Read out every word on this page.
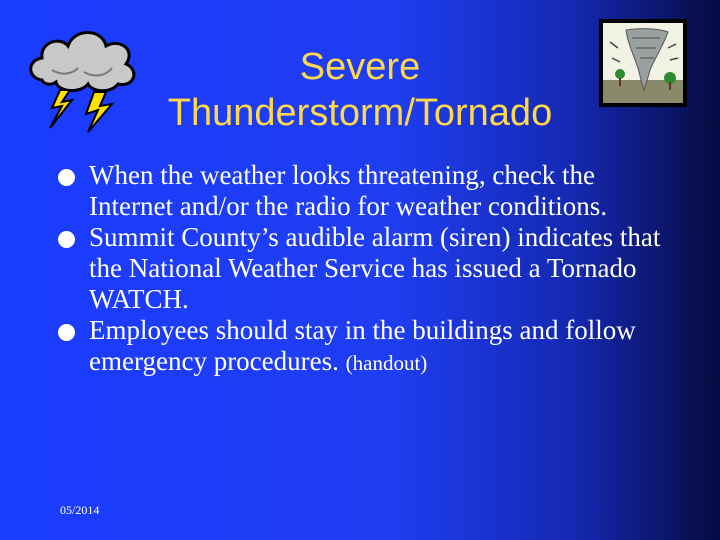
Severe
Thunderstorm/Tornado
When the weather looks threatening, check the Internet and/or the radio for weather conditions.
Summit County’s audible alarm (siren) indicates that the National Weather Service has issued a Tornado WATCH.
Employees should stay in the buildings and follow emergency procedures. (handout)
05/2014
